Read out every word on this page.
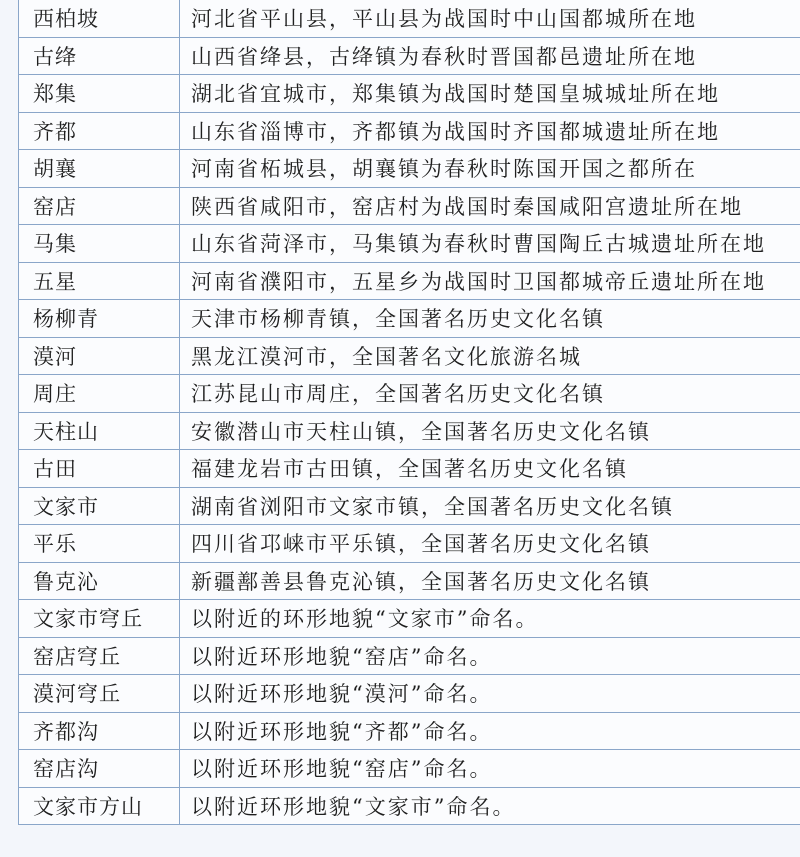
西柏坡	河北省平山县，平山县为战国时中山国都城所在地
古绛	山西省绛县，古绛镇为春秋时晋国都邑遗址所在地
郑集	湖北省宜城市，郑集镇为战国时楚国皇城城址所在地
齐都	山东省淄博市，齐都镇为战国时齐国都城遗址所在地
胡襄	河南省柘城县，胡襄镇为春秋时陈国开国之都所在
窑店	陕西省咸阳市，窑店村为战国时秦国咸阳宫遗址所在地
马集	山东省菏泽市，马集镇为春秋时曹国陶丘古城遗址所在地
五星	河南省濮阳市，五星乡为战国时卫国都城帝丘遗址所在地
杨柳青	天津市杨柳青镇，全国著名历史文化名镇
漠河	黑龙江漠河市，全国著名文化旅游名城
周庄	江苏昆山市周庄，全国著名历史文化名镇
天柱山	安徽潜山市天柱山镇，全国著名历史文化名镇
古田	福建龙岩市古田镇，全国著名历史文化名镇
文家市	湖南省浏阳市文家市镇，全国著名历史文化名镇
平乐	四川省邛崃市平乐镇，全国著名历史文化名镇
鲁克沁	新疆鄯善县鲁克沁镇，全国著名历史文化名镇
文家市穹丘	以附近的环形地貌“文家市”命名。
窑店穹丘	以附近环形地貌“窑店”命名。
漠河穹丘	以附近环形地貌“漠河”命名。
齐都沟	以附近环形地貌“齐都”命名。
窑店沟	以附近环形地貌“窑店”命名。
文家市方山	以附近环形地貌“文家市”命名。
